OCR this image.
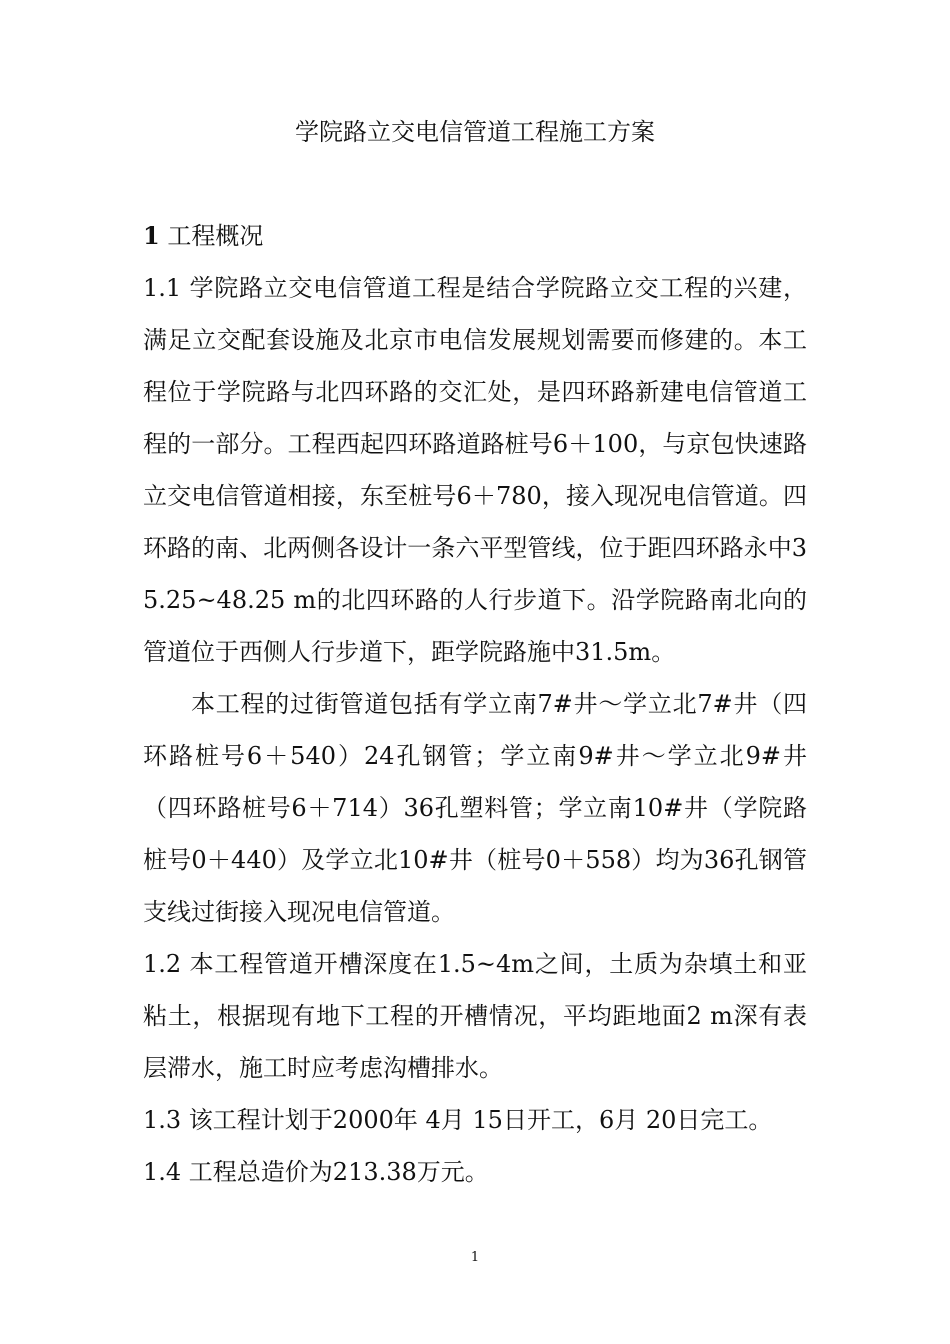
学院路立交电信管道工程施工方案

1 工程概况

1.1 学院路立交电信管道工程是结合学院路立交工程的兴建，满足立交配套设施及北京市电信发展规划需要而修建的。本工程位于学院路与北四环路的交汇处，是四环路新建电信管道工程的一部分。工程西起四环路道路桩号6＋100，与京包快速路立交电信管道相接，东至桩号6＋780，接入现况电信管道。四环路的南、北两侧各设计一条六平型管线，位于距四环路永中35.25~48.25 m的北四环路的人行步道下。沿学院路南北向的管道位于西侧人行步道下，距学院路施中31.5m。

本工程的过街管道包括有学立南7#井～学立北7#井（四环路桩号6＋540）24孔钢管；学立南9#井～学立北9#井（四环路桩号6＋714）36孔塑料管；学立南10#井（学院路桩号0＋440）及学立北10#井（桩号0＋558）均为36孔钢管支线过街接入现况电信管道。

1.2 本工程管道开槽深度在1.5~4m之间，土质为杂填土和亚粘土，根据现有地下工程的开槽情况，平均距地面2 m深有表层滞水，施工时应考虑沟槽排水。

1.3 该工程计划于2000年 4月 15日开工，6月 20日完工。

1.4 工程总造价为213.38万元。

1
